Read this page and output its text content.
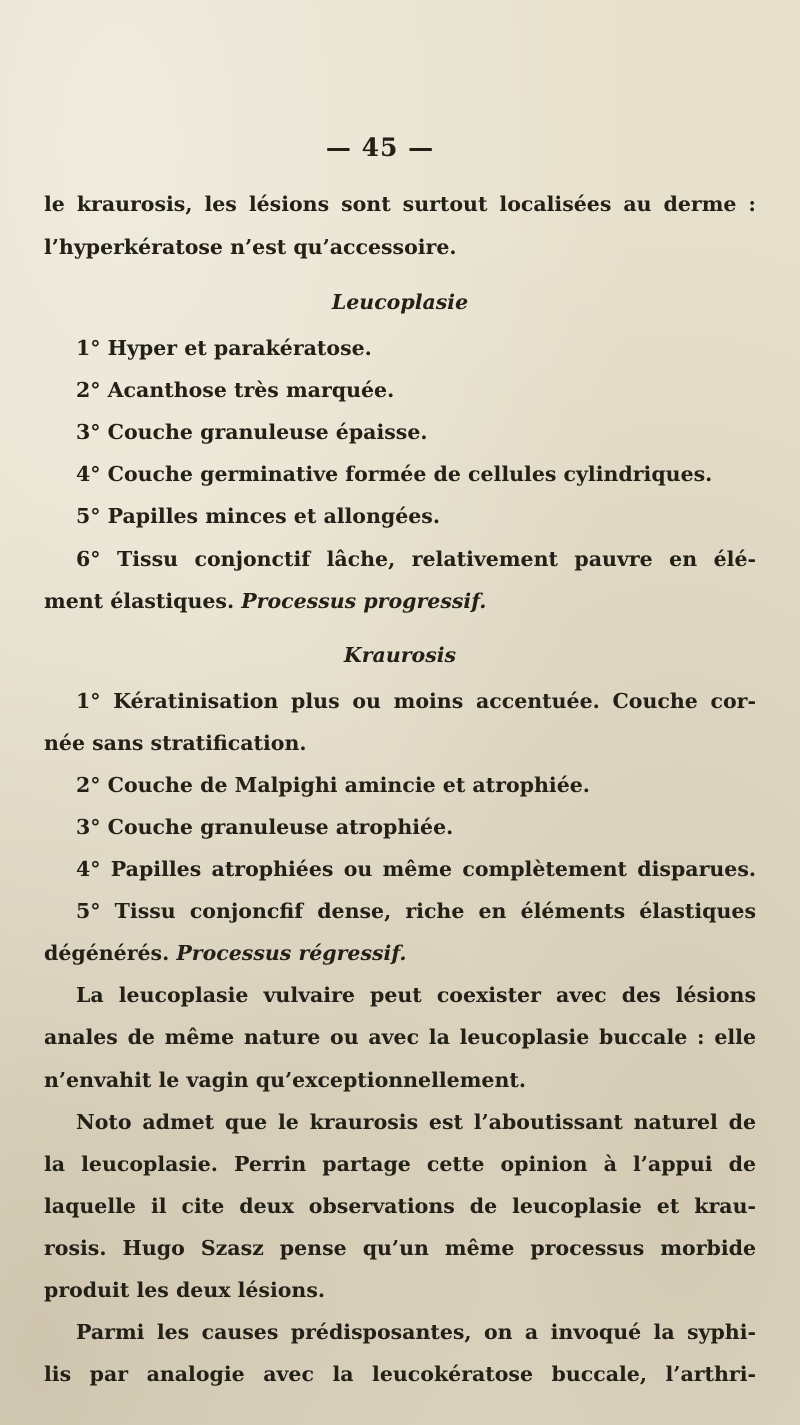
— 45 —
le kraurosis, les lésions sont surtout localisées au derme :
l’hyperkératose n’est qu’accessoire.
Leucoplasie
1° Hyper et parakératose.
2° Acanthose très marquée.
3° Couche granuleuse épaisse.
4° Couche germinative formée de cellules cylindriques.
5° Papilles minces et allongées.
6° Tissu conjonctif lâche, relativement pauvre en élé-
ment élastiques. Processus progressif.
Kraurosis
1° Kératinisation plus ou moins accentuée. Couche cor-
née sans stratification.
2° Couche de Malpighi amincie et atrophiée.
3° Couche granuleuse atrophiée.
4° Papilles atrophiées ou même complètement disparues.
5° Tissu conjoncfif dense, riche en éléments élastiques
dégénérés. Processus régressif.
La leucoplasie vulvaire peut coexister avec des lésions
anales de même nature ou avec la leucoplasie buccale : elle
n’envahit le vagin qu’exceptionnellement.
Noto admet que le kraurosis est l’aboutissant naturel de
la leucoplasie. Perrin partage cette opinion à l’appui de
laquelle il cite deux observations de leucoplasie et krau-
rosis. Hugo Szasz pense qu’un même processus morbide
produit les deux lésions.
Parmi les causes prédisposantes, on a invoqué la syphi-
lis par analogie avec la leucokératose buccale, l’arthri-
